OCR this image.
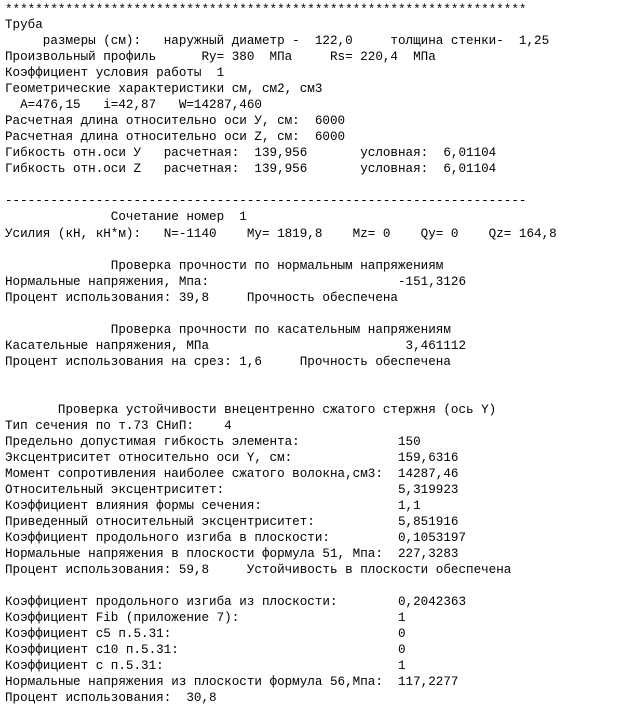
*********************************************************************
Труба
размеры (см):   наружный диаметр -  122,0     толщина стенки-  1,25
Произвольный профиль      Ry= 380  МПа     Rs= 220,4  МПа
Коэффициент условия работы  1
Геометрические характеристики см, см2, см3
А=476,15   i=42,87   W=14287,460
Расчетная длина относительно оси У, см:  6000
Расчетная длина относительно оси Z, см:  6000
Гибкость отн.оси У   расчетная:  139,956       условная:  6,01104
Гибкость отн.оси Z   расчетная:  139,956       условная:  6,01104
---------------------------------------------------------------------
Сочетание номер  1
Усилия (кН, кН*м):   N=-1140    My= 1819,8    Mz= 0    Qy= 0    Qz= 164,8
Проверка прочности по нормальным напряжениям
Нормальные напряжения, Мпа:                         -151,3126
Процент использования: 39,8     Прочность обеспечена
Проверка прочности по касательным напряжениям
Касательные напряжения, МПа                          3,461112
Процент использования на срез: 1,6     Прочность обеспечена
Проверка устойчивости внецентренно сжатого стержня (ось Y)
Тип сечения по т.73 СНиП:    4
Предельно допустимая гибкость элемента:             150
Эксцентриситет относительно оси Y, см:              159,6316
Момент сопротивления наиболее сжатого волокна,см3:  14287,46
Относительный эксцентриситет:                       5,319923
Коэффициент влияния формы сечения:                  1,1
Приведенный относительный эксцентриситет:           5,851916
Коэффициент продольного изгиба в плоскости:         0,1053197
Нормальные напряжения в плоскости формула 51, Мпа:  227,3283
Процент использования: 59,8     Устойчивость в плоскости обеспечена
Коэффициент продольного изгиба из плоскости:        0,2042363
Коэффициент Fib (приложение 7):                     1
Коэффициент с5 п.5.31:                              0
Коэффициент с10 п.5.31:                             0
Коэффициент с п.5.31:                               1
Нормальные напряжения из плоскости формула 56,Мпа:  117,2277
Процент использования:  30,8
